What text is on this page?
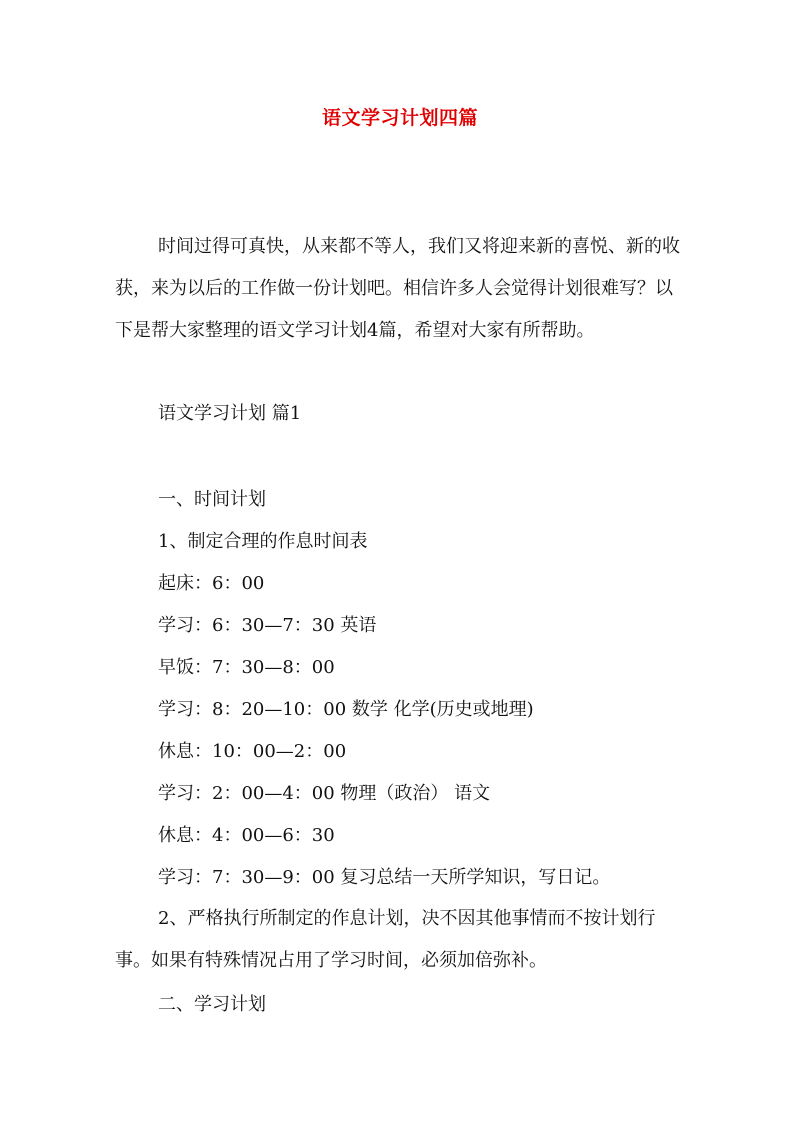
语文学习计划四篇

时间过得可真快，从来都不等人，我们又将迎来新的喜悦、新的收获，来为以后的工作做一份计划吧。相信许多人会觉得计划很难写？以下是帮大家整理的语文学习计划4篇，希望对大家有所帮助。

语文学习计划 篇1
一、时间计划
1、制定合理的作息时间表
起床：6：00
学习：6：30—7：30 英语
早饭：7：30—8：00
学习：8：20—10：00 数学 化学(历史或地理)
休息：10：00—2：00
学习：2：00—4：00 物理（政治） 语文
休息：4：00—6：30
学习：7：30—9：00 复习总结一天所学知识，写日记。

2、严格执行所制定的作息计划，决不因其他事情而不按计划行事。如果有特殊情况占用了学习时间，必须加倍弥补。

二、学习计划
